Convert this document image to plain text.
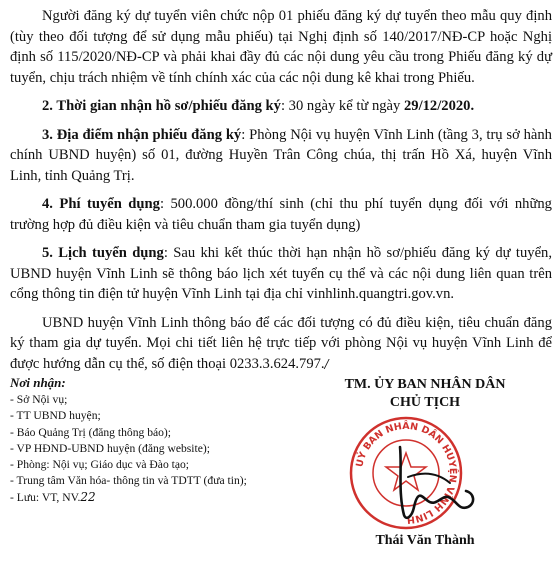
Người đăng ký dự tuyển viên chức nộp 01 phiếu đăng ký dự tuyển theo mẫu quy định (tùy theo đối tượng để sử dụng mẫu phiếu) tại Nghị định số 140/2017/NĐ-CP hoặc Nghị định số 115/2020/NĐ-CP và phải khai đầy đủ các nội dung yêu cầu trong Phiếu đăng ký dự tuyển, chịu trách nhiệm về tính chính xác của các nội dung kê khai trong Phiếu.

2. Thời gian nhận hồ sơ/phiếu đăng ký: 30 ngày kể từ ngày 29/12/2020.

3. Địa điểm nhận phiếu đăng ký: Phòng Nội vụ huyện Vĩnh Linh (tầng 3, trụ sở hành chính UBND huyện) số 01, đường Huyền Trân Công chúa, thị trấn Hồ Xá, huyện Vĩnh Linh, tỉnh Quảng Trị.

4. Phí tuyển dụng: 500.000 đồng/thí sinh (chỉ thu phí tuyển dụng đối với những trường hợp đủ điều kiện và tiêu chuẩn tham gia tuyển dụng)

5. Lịch tuyển dụng: Sau khi kết thúc thời hạn nhận hồ sơ/phiếu đăng ký dự tuyển, UBND huyện Vĩnh Linh sẽ thông báo lịch xét tuyển cụ thể và các nội dung liên quan trên cổng thông tin điện tử huyện Vĩnh Linh tại địa chỉ vinhlinh.quangtri.gov.vn.

UBND huyện Vĩnh Linh thông báo để các đối tượng có đủ điều kiện, tiêu chuẩn đăng ký tham gia dự tuyển. Mọi chi tiết liên hệ trực tiếp với phòng Nội vụ huyện Vĩnh Linh để được hướng dẫn cụ thể, số điện thoại 0233.3.624.797./

Nơi nhận:
- Sở Nội vụ;
- TT UBND huyện;
- Báo Quảng Trị (đăng thông báo);
- VP HĐND-UBND huyện (đăng website);
- Phòng: Nội vụ; Giáo dục và Đào tạo;
- Trung tâm Văn hóa- thông tin và TDTT (đưa tin);
- Lưu: VT, NV.22
TM. ỦY BAN NHÂN DÂN
CHỦ TỊCH
UỶ BAN NHÂN DÂN HUYỆN VĨNH LINH
Thái Văn Thành
